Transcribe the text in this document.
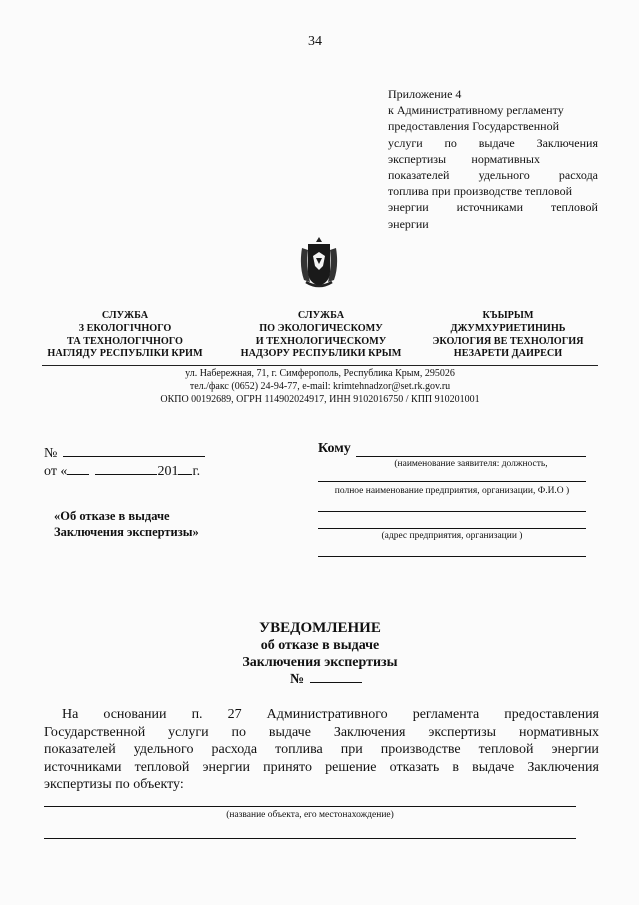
34
Приложение 4
к Административному регламенту
предоставления Государственной
услуги по выдаче Заключения
экспертизы нормативных
показателей удельного расхода
топлива при производстве тепловой
энергии источниками тепловой
энергии
СЛУЖБА
З ЕКОЛОГІЧНОГО
ТА ТЕХНОЛОГІЧНОГО
НАГЛЯДУ РЕСПУБЛІКИ КРИМ
СЛУЖБА
ПО ЭКОЛОГИЧЕСКОМУ
И ТЕХНОЛОГИЧЕСКОМУ
НАДЗОРУ РЕСПУБЛИКИ КРЫМ
КЪЫРЫМ
ДЖУМХУРИЕТИНИНЬ
ЭКОЛОГИЯ ВЕ ТЕХНОЛОГИЯ
НЕЗАРЕТИ ДАИРЕСИ
ул. Набережная, 71, г. Симферополь, Республика Крым, 295026
тел./факс (0652) 24-94-77, e-mail: krimtehnadzor@set.rk.gov.ru
ОКПО 00192689, ОГРН 114902024917, ИНН 9102016750 / КПП 910201001
№
от «	201 г.
«Об отказе в выдаче
Заключения экспертизы»
Кому
(наименование заявителя: должность,
полное наименование предприятия, организации, Ф.И.О )
(адрес предприятия, организации )
УВЕДОМЛЕНИЕ
об отказе в выдаче
Заключения экспертизы
№
На основании п. 27 Административного регламента предоставления
Государственной услуги по выдаче Заключения экспертизы нормативных
показателей удельного расхода топлива при производстве тепловой энергии
источниками тепловой энергии принято решение отказать в выдаче Заключения
экспертизы по объекту:
(название объекта, его местонахождение)
